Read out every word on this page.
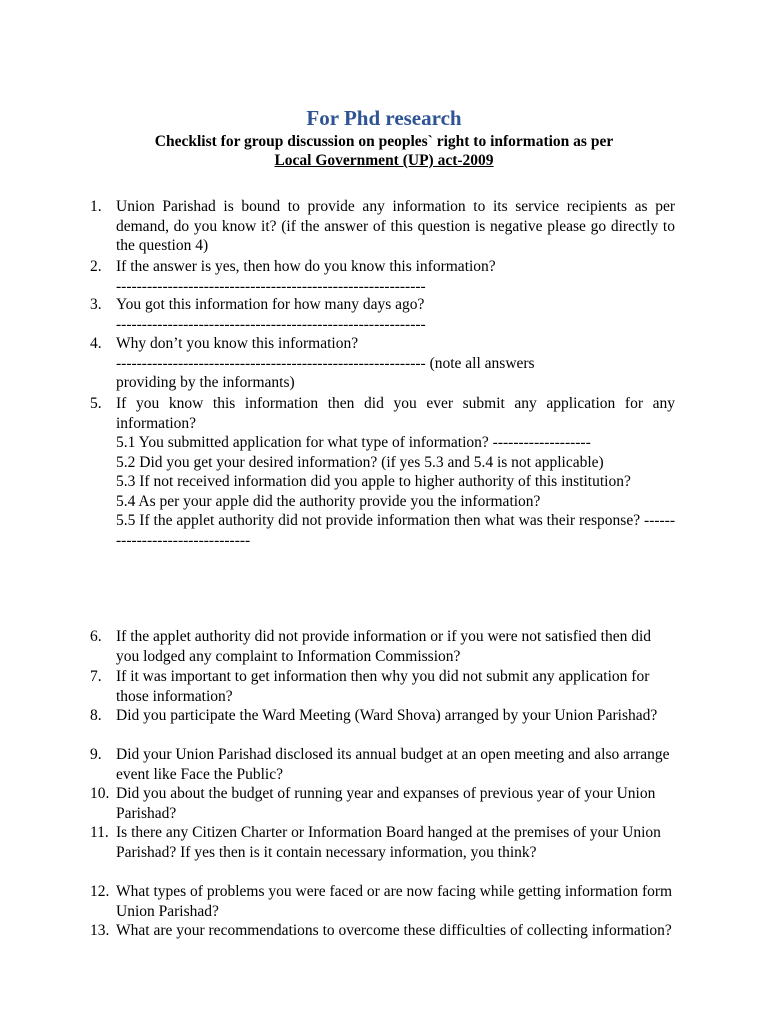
For Phd research
Checklist for group discussion on peoples` right to information as per
Local Government (UP) act-2009
1. Union Parishad is bound to provide any information to its service recipients as per demand, do you know it? (if the answer of this question is negative please go directly to the question 4)
2. If the answer is yes, then how do you know this information?
------------------------------------------------------------
3. You got this information for how many days ago?
------------------------------------------------------------
4. Why don’t you know this information?
------------------------------------------------------------ (note all answers
providing by the informants)
5. If you know this information then did you ever submit any application for any information?
5.1 You submitted application for what type of information? -------------------
5.2 Did you get your desired information? (if yes 5.3 and 5.4 is not applicable)
5.3 If not received information did you apple to higher authority of this institution?
5.4 As per your apple did the authority provide you the information?
5.5 If the applet authority did not provide information then what was their response? --------------------------------
6. If the applet authority did not provide information or if you were not satisfied then did you lodged any complaint to Information Commission?
7. If it was important to get information then why you did not submit any application for those information?
8. Did you participate the Ward Meeting (Ward Shova) arranged by your Union Parishad?
9. Did your Union Parishad disclosed its annual budget at an open meeting and also arrange event like Face the Public?
10. Did you about the budget of running year and expanses of previous year of your Union Parishad?
11. Is there any Citizen Charter or Information Board hanged at the premises of your Union Parishad? If yes then is it contain necessary information, you think?
12. What types of problems you were faced or are now facing while getting information form Union Parishad?
13. What are your recommendations to overcome these difficulties of collecting information?
